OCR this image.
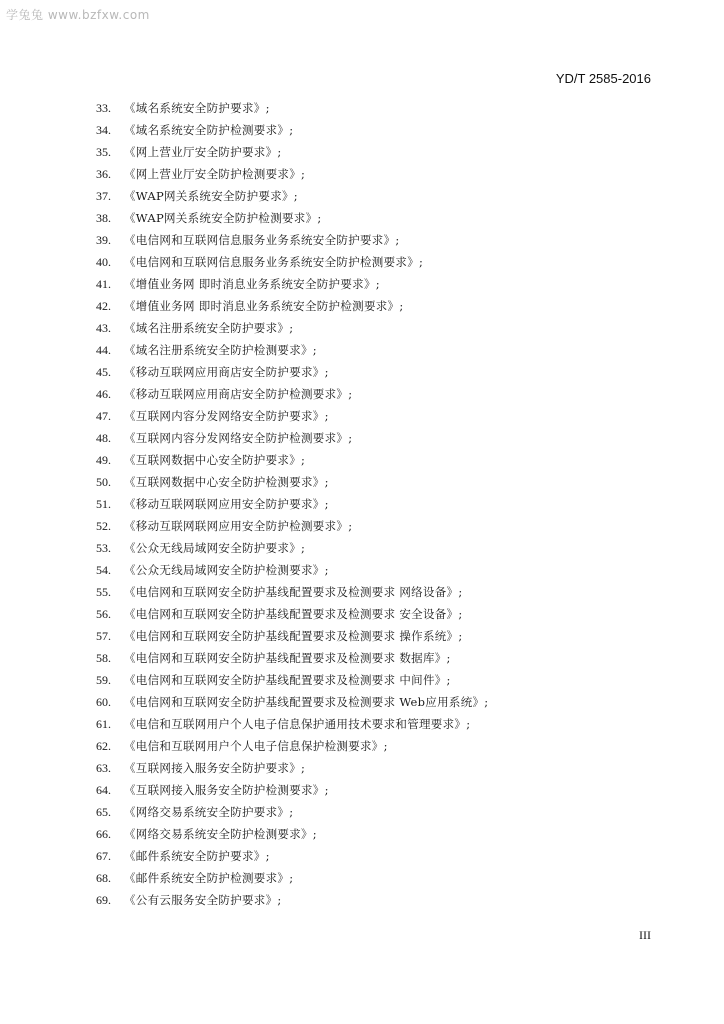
学兔兔 www.bzfxw.com
YD/T 2585-2016
33. 《域名系统安全防护要求》;
34. 《域名系统安全防护检测要求》;
35. 《网上营业厅安全防护要求》;
36. 《网上营业厅安全防护检测要求》;
37. 《WAP网关系统安全防护要求》;
38. 《WAP网关系统安全防护检测要求》;
39. 《电信网和互联网信息服务业务系统安全防护要求》;
40. 《电信网和互联网信息服务业务系统安全防护检测要求》;
41. 《增值业务网 即时消息业务系统安全防护要求》;
42. 《增值业务网 即时消息业务系统安全防护检测要求》;
43. 《域名注册系统安全防护要求》;
44. 《域名注册系统安全防护检测要求》;
45. 《移动互联网应用商店安全防护要求》;
46. 《移动互联网应用商店安全防护检测要求》;
47. 《互联网内容分发网络安全防护要求》;
48. 《互联网内容分发网络安全防护检测要求》;
49. 《互联网数据中心安全防护要求》;
50. 《互联网数据中心安全防护检测要求》;
51. 《移动互联网联网应用安全防护要求》;
52. 《移动互联网联网应用安全防护检测要求》;
53. 《公众无线局域网安全防护要求》;
54. 《公众无线局域网安全防护检测要求》;
55. 《电信网和互联网安全防护基线配置要求及检测要求 网络设备》;
56. 《电信网和互联网安全防护基线配置要求及检测要求 安全设备》;
57. 《电信网和互联网安全防护基线配置要求及检测要求 操作系统》;
58. 《电信网和互联网安全防护基线配置要求及检测要求 数据库》;
59. 《电信网和互联网安全防护基线配置要求及检测要求 中间件》;
60. 《电信网和互联网安全防护基线配置要求及检测要求 Web应用系统》;
61. 《电信和互联网用户个人电子信息保护通用技术要求和管理要求》;
62. 《电信和互联网用户个人电子信息保护检测要求》;
63. 《互联网接入服务安全防护要求》;
64. 《互联网接入服务安全防护检测要求》;
65. 《网络交易系统安全防护要求》;
66. 《网络交易系统安全防护检测要求》;
67. 《邮件系统安全防护要求》;
68. 《邮件系统安全防护检测要求》;
69. 《公有云服务安全防护要求》;
III
